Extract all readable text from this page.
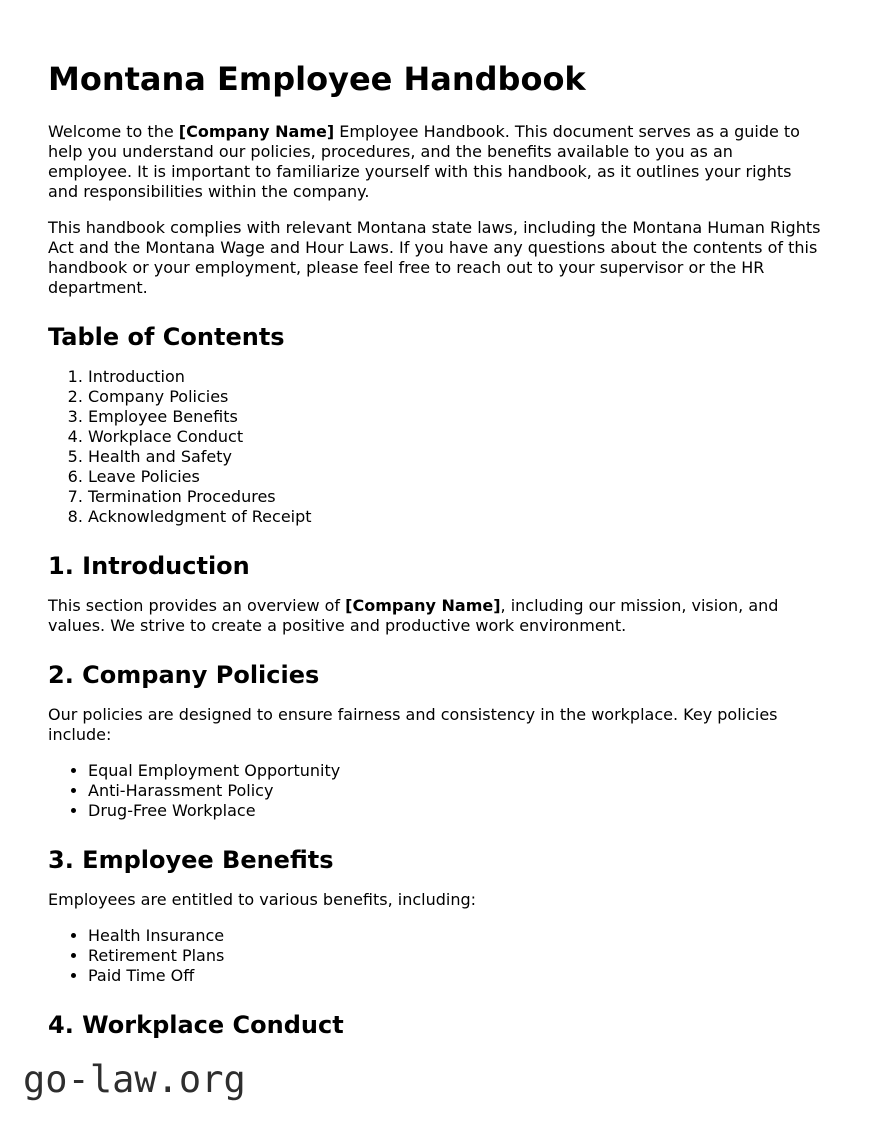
Montana Employee Handbook

Welcome to the [Company Name] Employee Handbook. This document serves as a guide to help you understand our policies, procedures, and the benefits available to you as an employee. It is important to familiarize yourself with this handbook, as it outlines your rights and responsibilities within the company.

This handbook complies with relevant Montana state laws, including the Montana Human Rights Act and the Montana Wage and Hour Laws. If you have any questions about the contents of this handbook or your employment, please feel free to reach out to your supervisor or the HR department.

Table of Contents
1. Introduction
2. Company Policies
3. Employee Benefits
4. Workplace Conduct
5. Health and Safety
6. Leave Policies
7. Termination Procedures
8. Acknowledgment of Receipt
1. Introduction

This section provides an overview of [Company Name], including our mission, vision, and values. We strive to create a positive and productive work environment.

2. Company Policies

Our policies are designed to ensure fairness and consistency in the workplace. Key policies include:

• Equal Employment Opportunity
• Anti-Harassment Policy
• Drug-Free Workplace
3. Employee Benefits

Employees are entitled to various benefits, including:

• Health Insurance
• Retirement Plans
• Paid Time Off
4. Workplace Conduct
go-law.org
